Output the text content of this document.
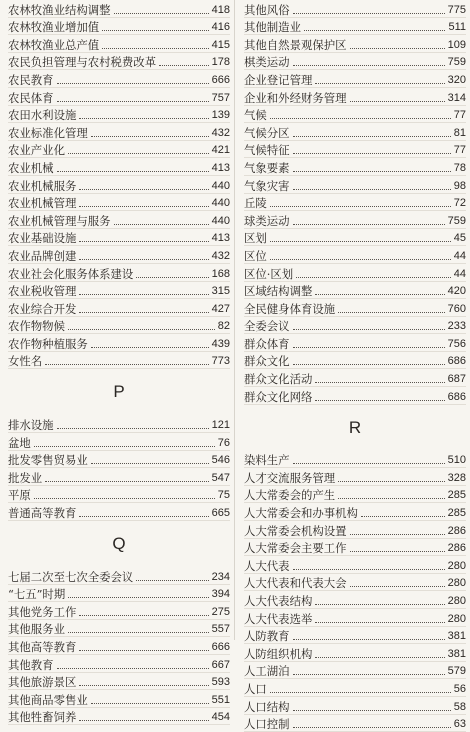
农林牧渔业结构调整	418
农林牧渔业增加值	416
农林牧渔业总产值	415
农民负担管理与农村税费改革	178
农民教育	666
农民体育	757
农田水利设施	139
农业标准化管理	432
农业产业化	421
农业机械	413
农业机械服务	440
农业机械管理	440
农业机械管理与服务	440
农业基础设施	413
农业品牌创建	432
农业社会化服务体系建设	168
农业税收管理	315
农业综合开发	427
农作物物候	82
农作物种植服务	439
女性名	773
P
排水设施	121
盆地	76
批发零售贸易业	546
批发业	547
平原	75
普通高等教育	665
Q
七届二次至七次全委会议	234
“七五”时期	394
其他党务工作	275
其他服务业	557
其他高等教育	666
其他教育	667
其他旅游景区	593
其他商品零售业	551
其他牲畜饲养	454
其他风俗	775
其他制造业	511
其他自然景观保护区	109
棋类运动	759
企业登记管理	320
企业和外经财务管理	314
气候	77
气候分区	81
气候特征	77
气象要素	78
气象灾害	98
丘陵	72
球类运动	759
区划	45
区位	44
区位·区划	44
区域结构调整	420
全民健身体育设施	760
全委会议	233
群众体育	756
群众文化	686
群众文化活动	687
群众文化网络	686
R
染料生产	510
人才交流服务管理	328
人大常委会的产生	285
人大常委会和办事机构	285
人大常委会机构设置	286
人大常委会主要工作	286
人大代表	280
人大代表和代表大会	280
人大代表结构	280
人大代表选举	280
人防教育	381
人防组织机构	381
人工湖泊	579
人口	56
人口结构	58
人口控制	63
